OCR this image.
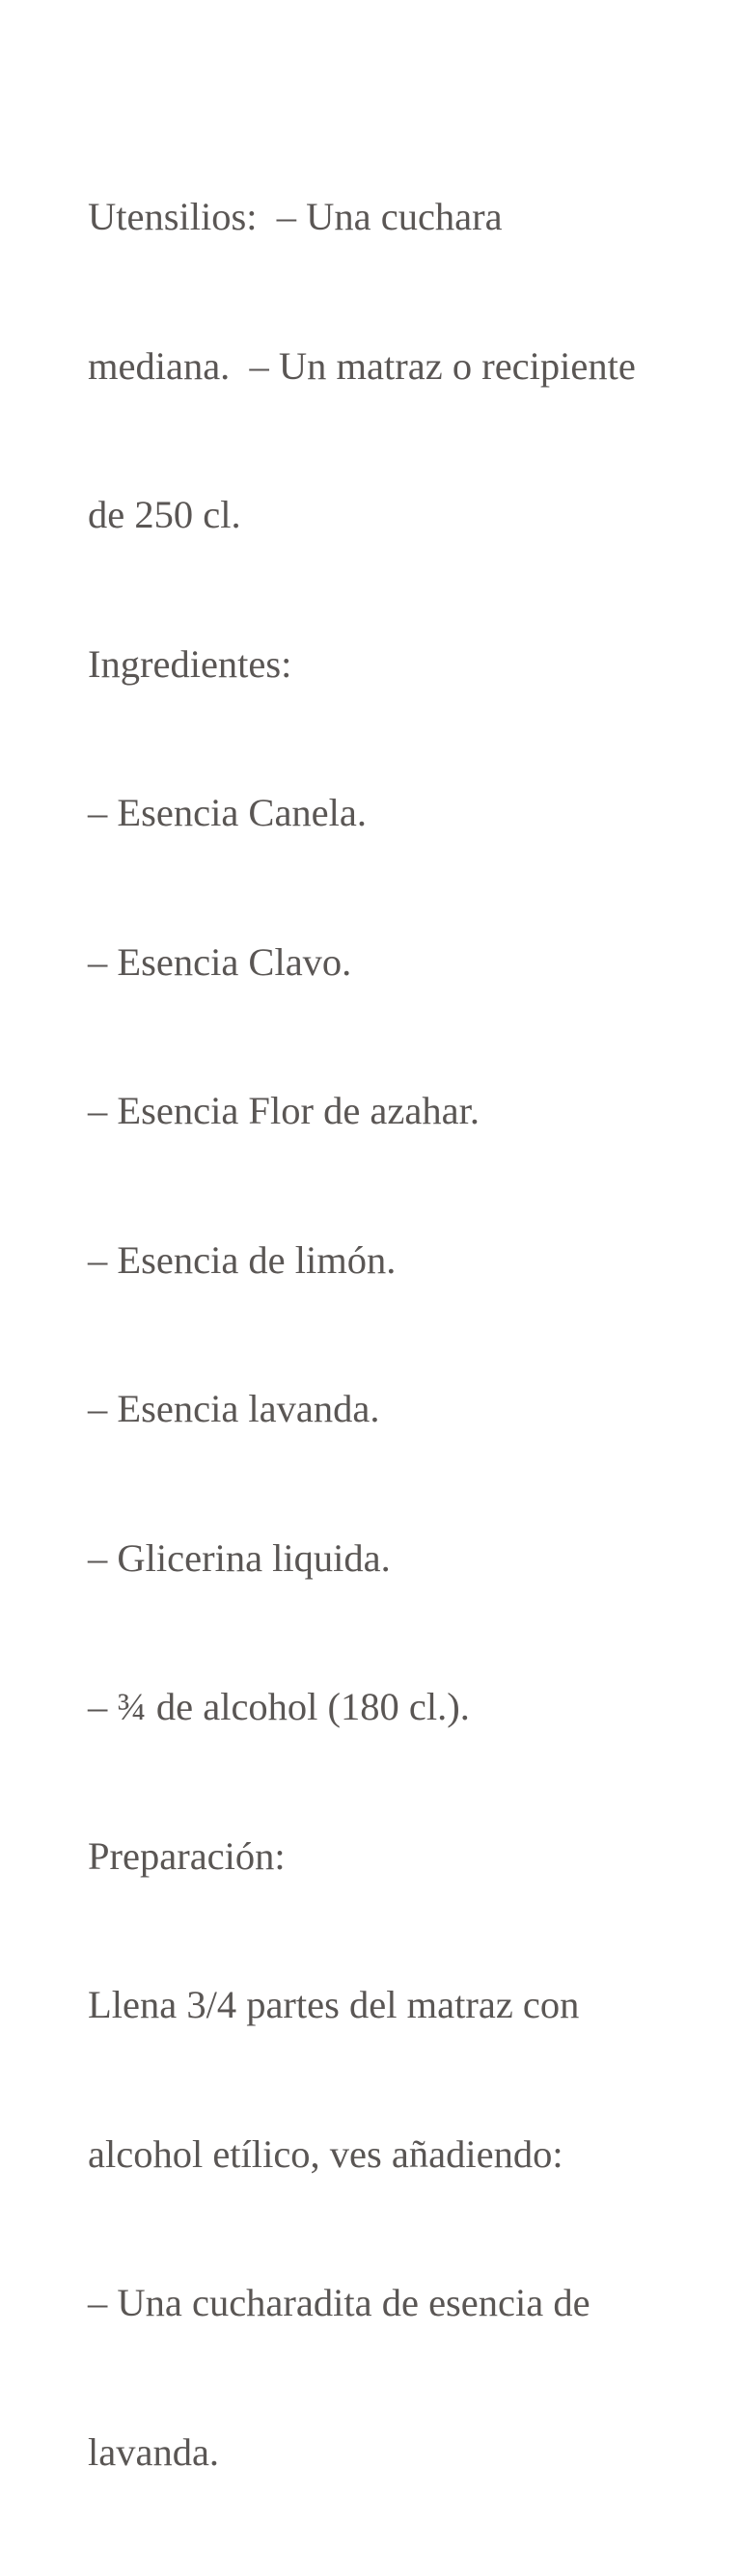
Utensilios:  – Una cuchara

mediana.  – Un matraz o recipiente

de 250 cl.

Ingredientes:

– Esencia Canela.

– Esencia Clavo.

– Esencia Flor de azahar.

– Esencia de limón.

– Esencia lavanda.

– Glicerina liquida.

– ¾ de alcohol (180 cl.).

Preparación:

Llena 3/4 partes del matraz con

alcohol etílico, ves añadiendo:

– Una cucharadita de esencia de

lavanda.
